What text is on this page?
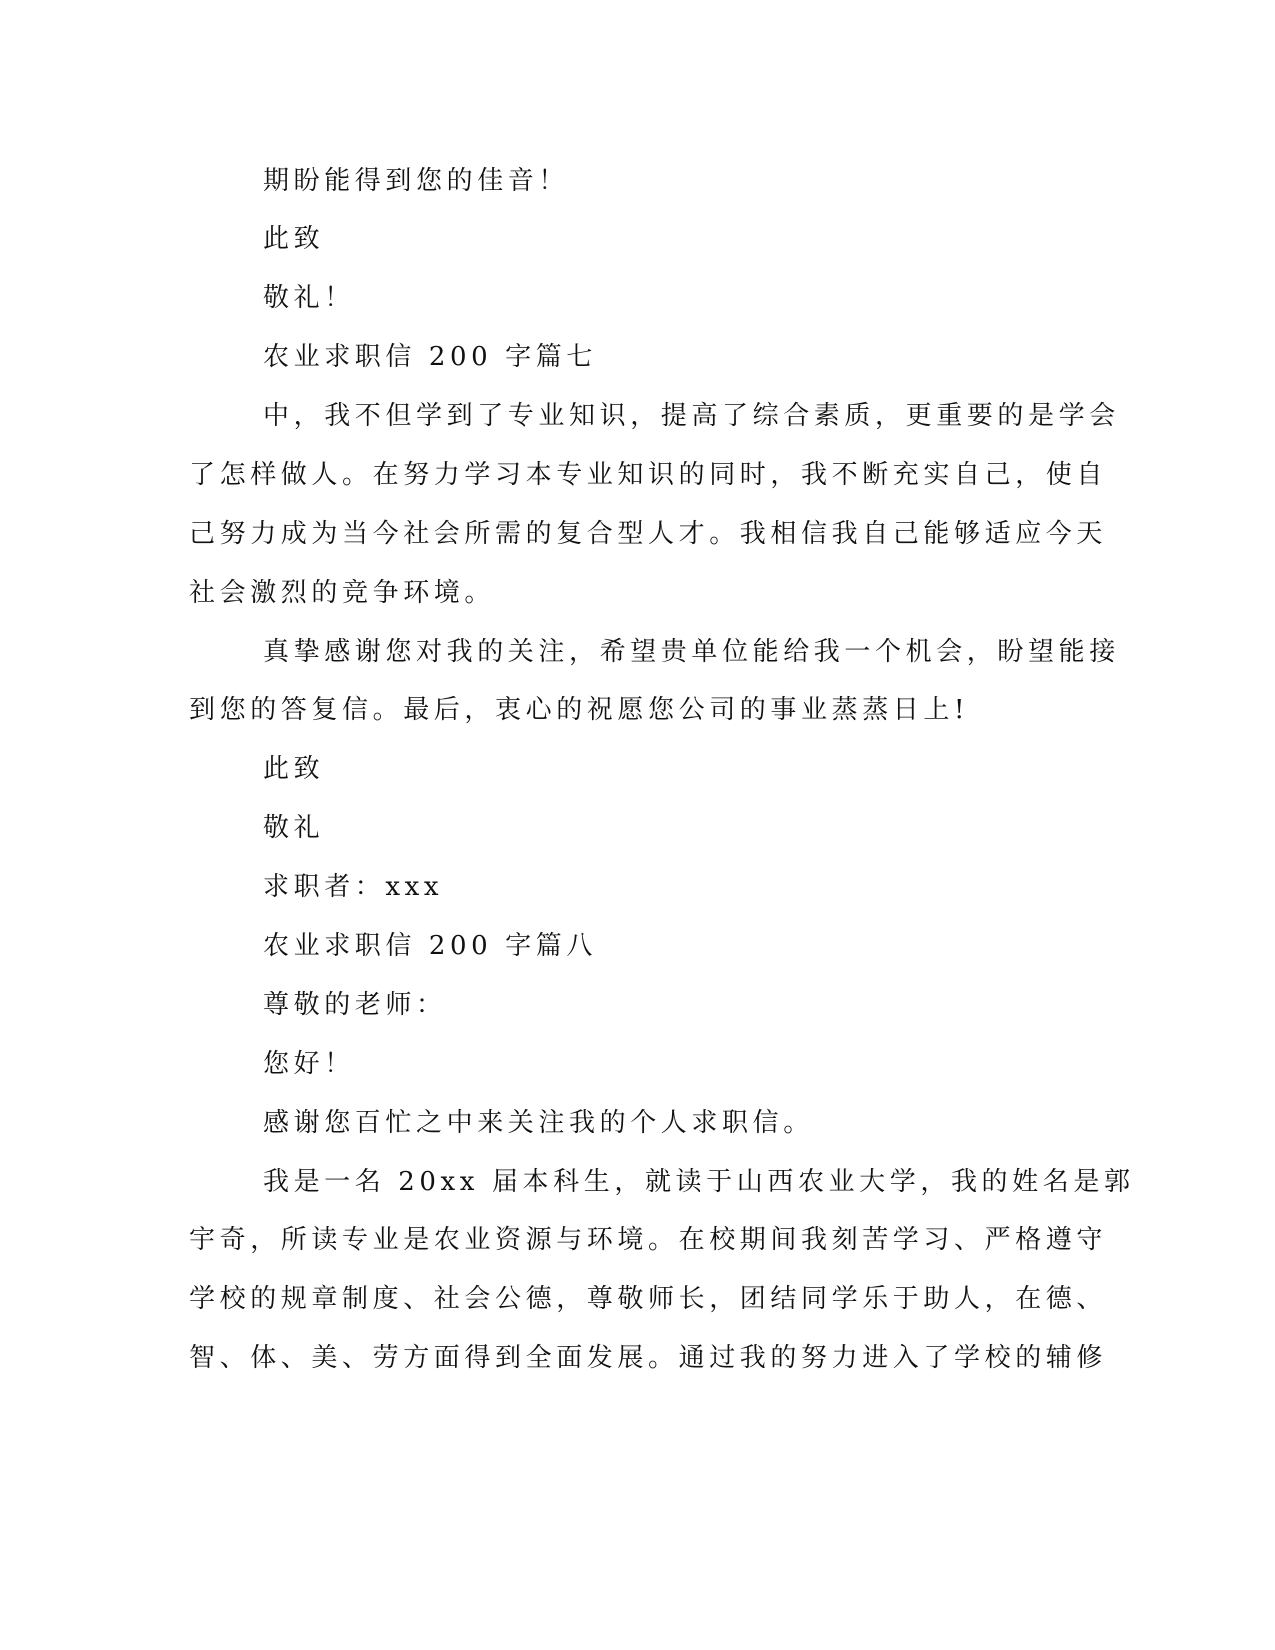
期盼能得到您的佳音！
此致
敬礼！
农业求职信 200 字篇七
中，我不但学到了专业知识，提高了综合素质，更重要的是学会
了怎样做人。在努力学习本专业知识的同时，我不断充实自己，使自
己努力成为当今社会所需的复合型人才。我相信我自己能够适应今天
社会激烈的竞争环境。
真挚感谢您对我的关注，希望贵单位能给我一个机会，盼望能接
到您的答复信。最后，衷心的祝愿您公司的事业蒸蒸日上!
此致
敬礼
求职者：xxx
农业求职信 200 字篇八
尊敬的老师：
您好！
感谢您百忙之中来关注我的个人求职信。
我是一名 20xx 届本科生，就读于山西农业大学，我的姓名是郭
宇奇，所读专业是农业资源与环境。在校期间我刻苦学习、严格遵守
学校的规章制度、社会公德，尊敬师长，团结同学乐于助人，在德、
智、体、美、劳方面得到全面发展。通过我的努力进入了学校的辅修
